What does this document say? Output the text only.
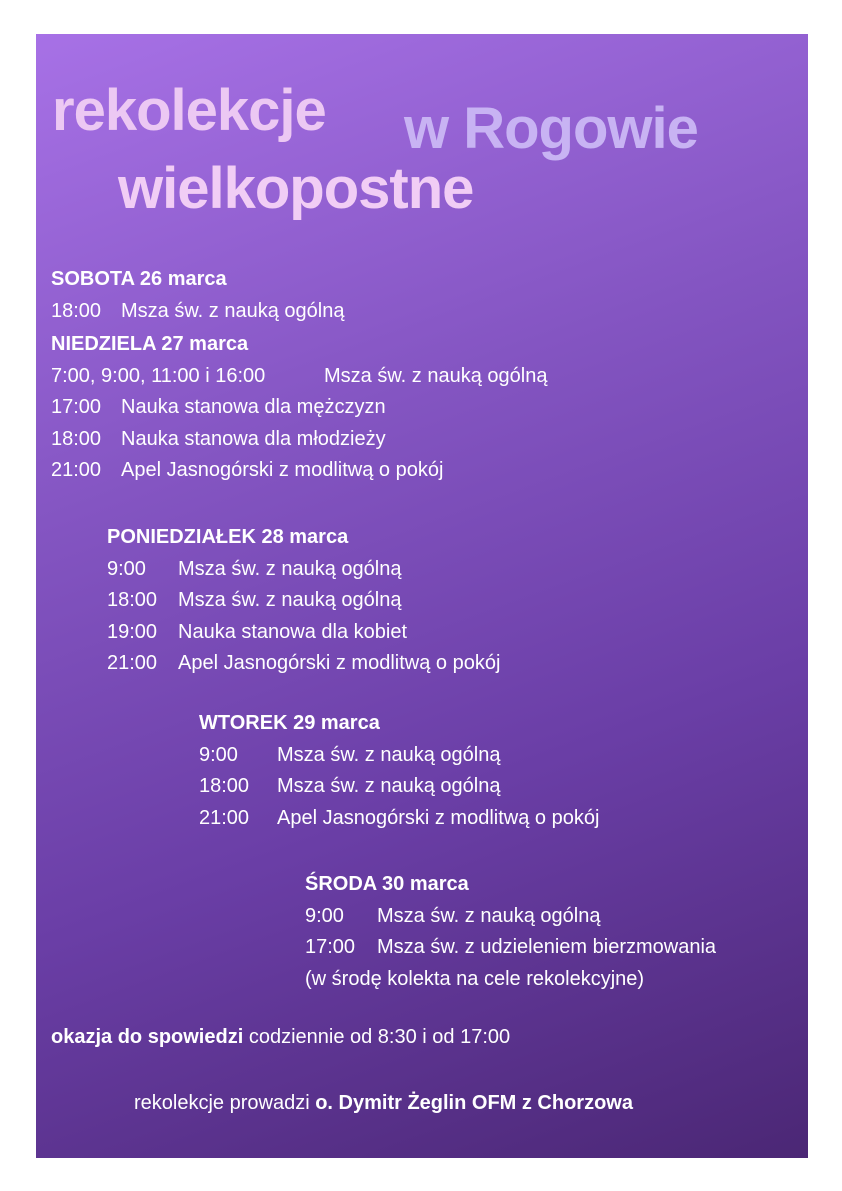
rekolekcje w Rogowie
wielkopostne
SOBOTA 26 marca
18:00 Msza św. z nauką ogólną
NIEDZIELA 27 marca
7:00, 9:00, 11:00 i 16:00	Msza św. z nauką ogólną
17:00 Nauka stanowa dla mężczyzn
18:00 Nauka stanowa dla młodzieży
21:00 Apel Jasnogórski z modlitwą o pokój
PONIEDZIAŁEK 28 marca
9:00 Msza św. z nauką ogólną
18:00 Msza św. z nauką ogólną
19:00 Nauka stanowa dla kobiet
21:00 Apel Jasnogórski z modlitwą o pokój
WTOREK 29 marca
9:00 Msza św. z nauką ogólną
18:00 Msza św. z nauką ogólną
21:00 Apel Jasnogórski z modlitwą o pokój
ŚRODA 30 marca
9:00 Msza św. z nauką ogólną
17:00 Msza św. z udzieleniem bierzmowania
(w środę kolekta na cele rekolekcyjne)
okazja do spowiedzi codziennie od 8:30 i od 17:00
rekolekcje prowadzi o. Dymitr Żeglin OFM z Chorzowa
